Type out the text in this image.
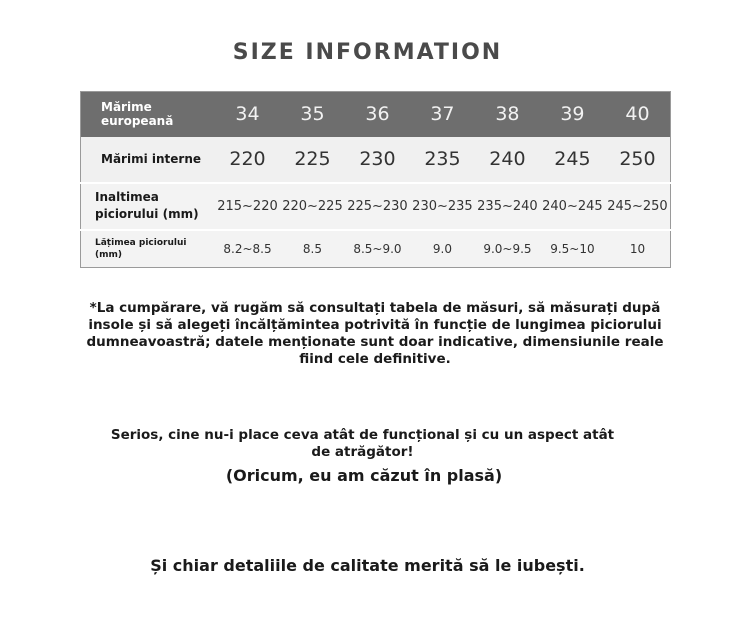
SIZE INFORMATION
Mărime europeană	34	35	36	37	38	39	40
Mărimi interne	220	225	230	235	240	245	250
Inaltimea piciorului (mm)	215~220	220~225	225~230	230~235	235~240	240~245	245~250
Lățimea piciorului (mm)	8.2~8.5	8.5	8.5~9.0	9.0	9.0~9.5	9.5~10	10
*La cumpărare, vă rugăm să consultați tabela de măsuri, să măsurați după insole și să alegeți încălțămintea potrivită în funcție de lungimea piciorului dumneavoastră; datele menționate sunt doar indicative, dimensiunile reale fiind cele definitive.
Serios, cine nu-i place ceva atât de funcțional și cu un aspect atât de atrăgător!
(Oricum, eu am căzut în plasă)
Și chiar detaliile de calitate merită să le iubești.
